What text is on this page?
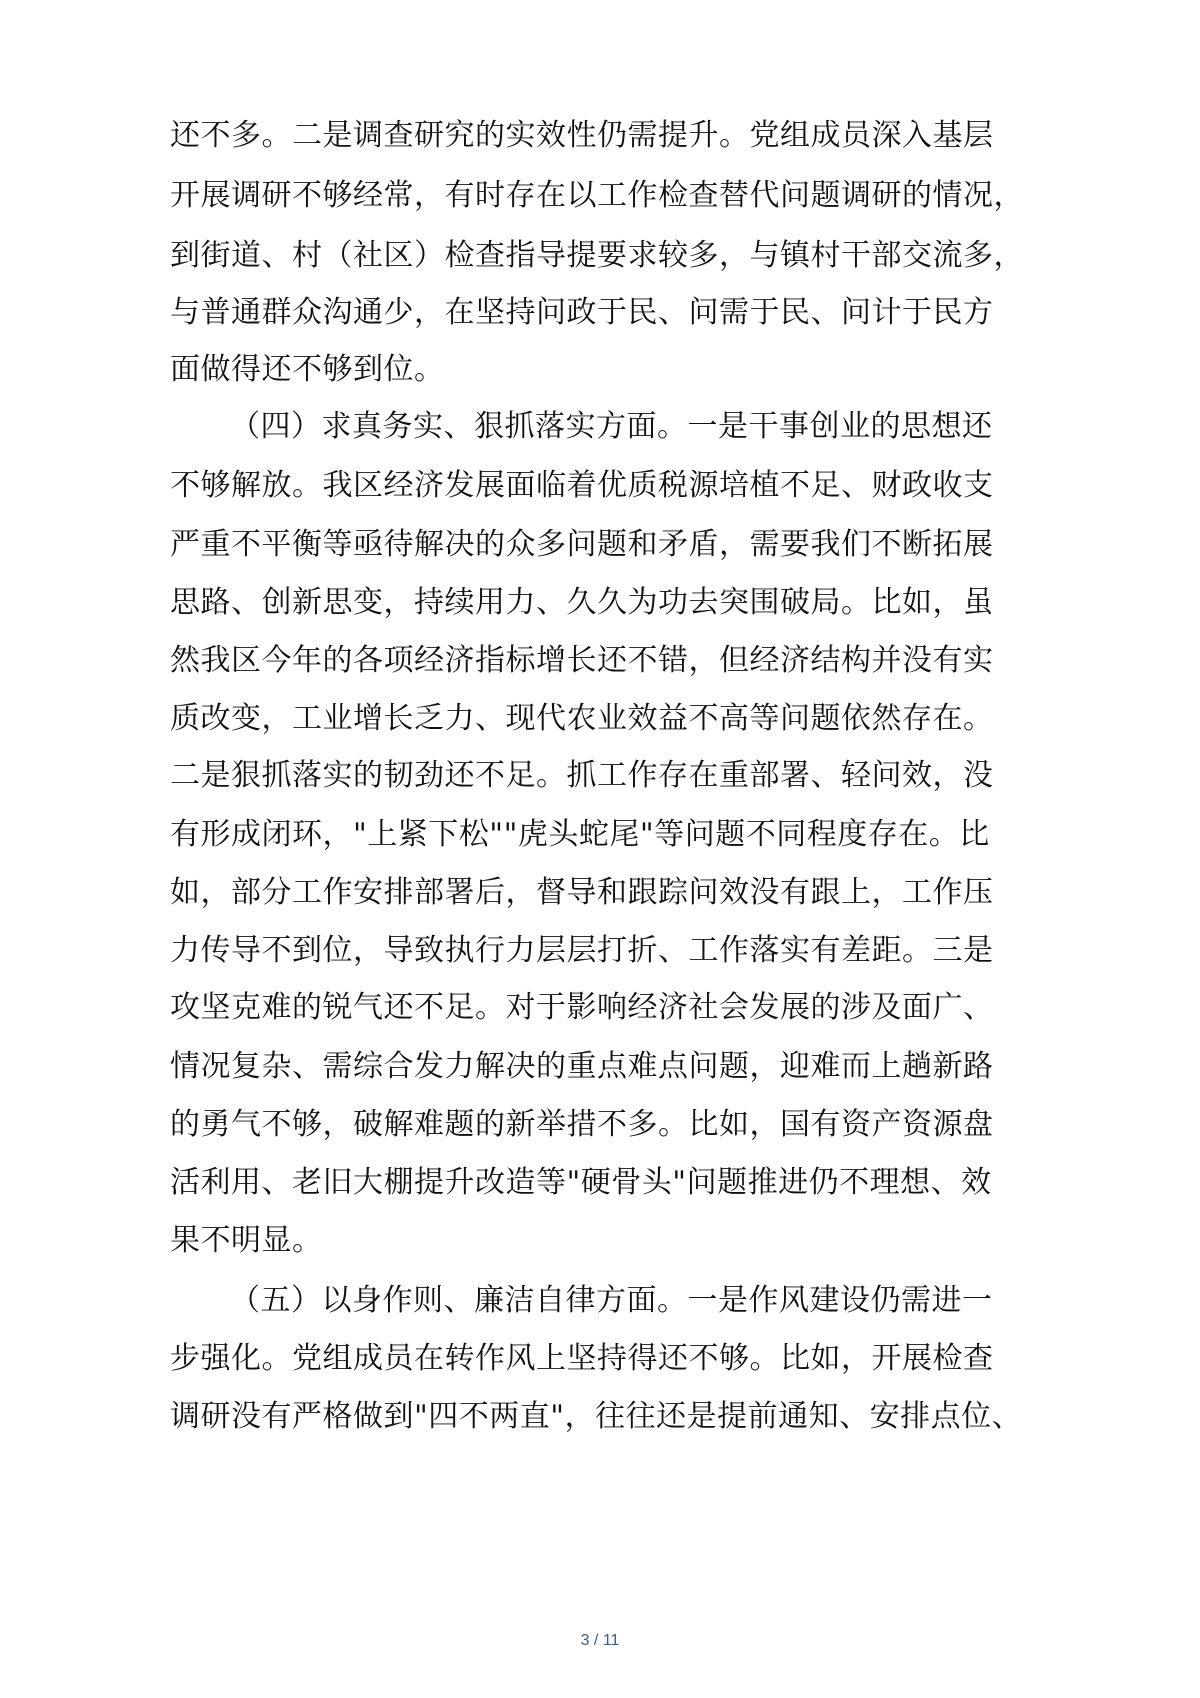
还不多。二是调查研究的实效性仍需提升。党组成员深入基层
开展调研不够经常，有时存在以工作检查替代问题调研的情况，
到街道、村（社区）检查指导提要求较多，与镇村干部交流多，
与普通群众沟通少，在坚持问政于民、问需于民、问计于民方
面做得还不够到位。
（四）求真务实、狠抓落实方面。一是干事创业的思想还
不够解放。我区经济发展面临着优质税源培植不足、财政收支
严重不平衡等亟待解决的众多问题和矛盾，需要我们不断拓展
思路、创新思变，持续用力、久久为功去突围破局。比如，虽
然我区今年的各项经济指标增长还不错，但经济结构并没有实
质改变，工业增长乏力、现代农业效益不高等问题依然存在。
二是狠抓落实的韧劲还不足。抓工作存在重部署、轻问效，没
有形成闭环，"上紧下松""虎头蛇尾"等问题不同程度存在。比
如，部分工作安排部署后，督导和跟踪问效没有跟上，工作压
力传导不到位，导致执行力层层打折、工作落实有差距。三是
攻坚克难的锐气还不足。对于影响经济社会发展的涉及面广、
情况复杂、需综合发力解决的重点难点问题，迎难而上趟新路
的勇气不够，破解难题的新举措不多。比如，国有资产资源盘
活利用、老旧大棚提升改造等"硬骨头"问题推进仍不理想、效
果不明显。
（五）以身作则、廉洁自律方面。一是作风建设仍需进一
步强化。党组成员在转作风上坚持得还不够。比如，开展检查
调研没有严格做到"四不两直"，往往还是提前通知、安排点位、
3 / 11
